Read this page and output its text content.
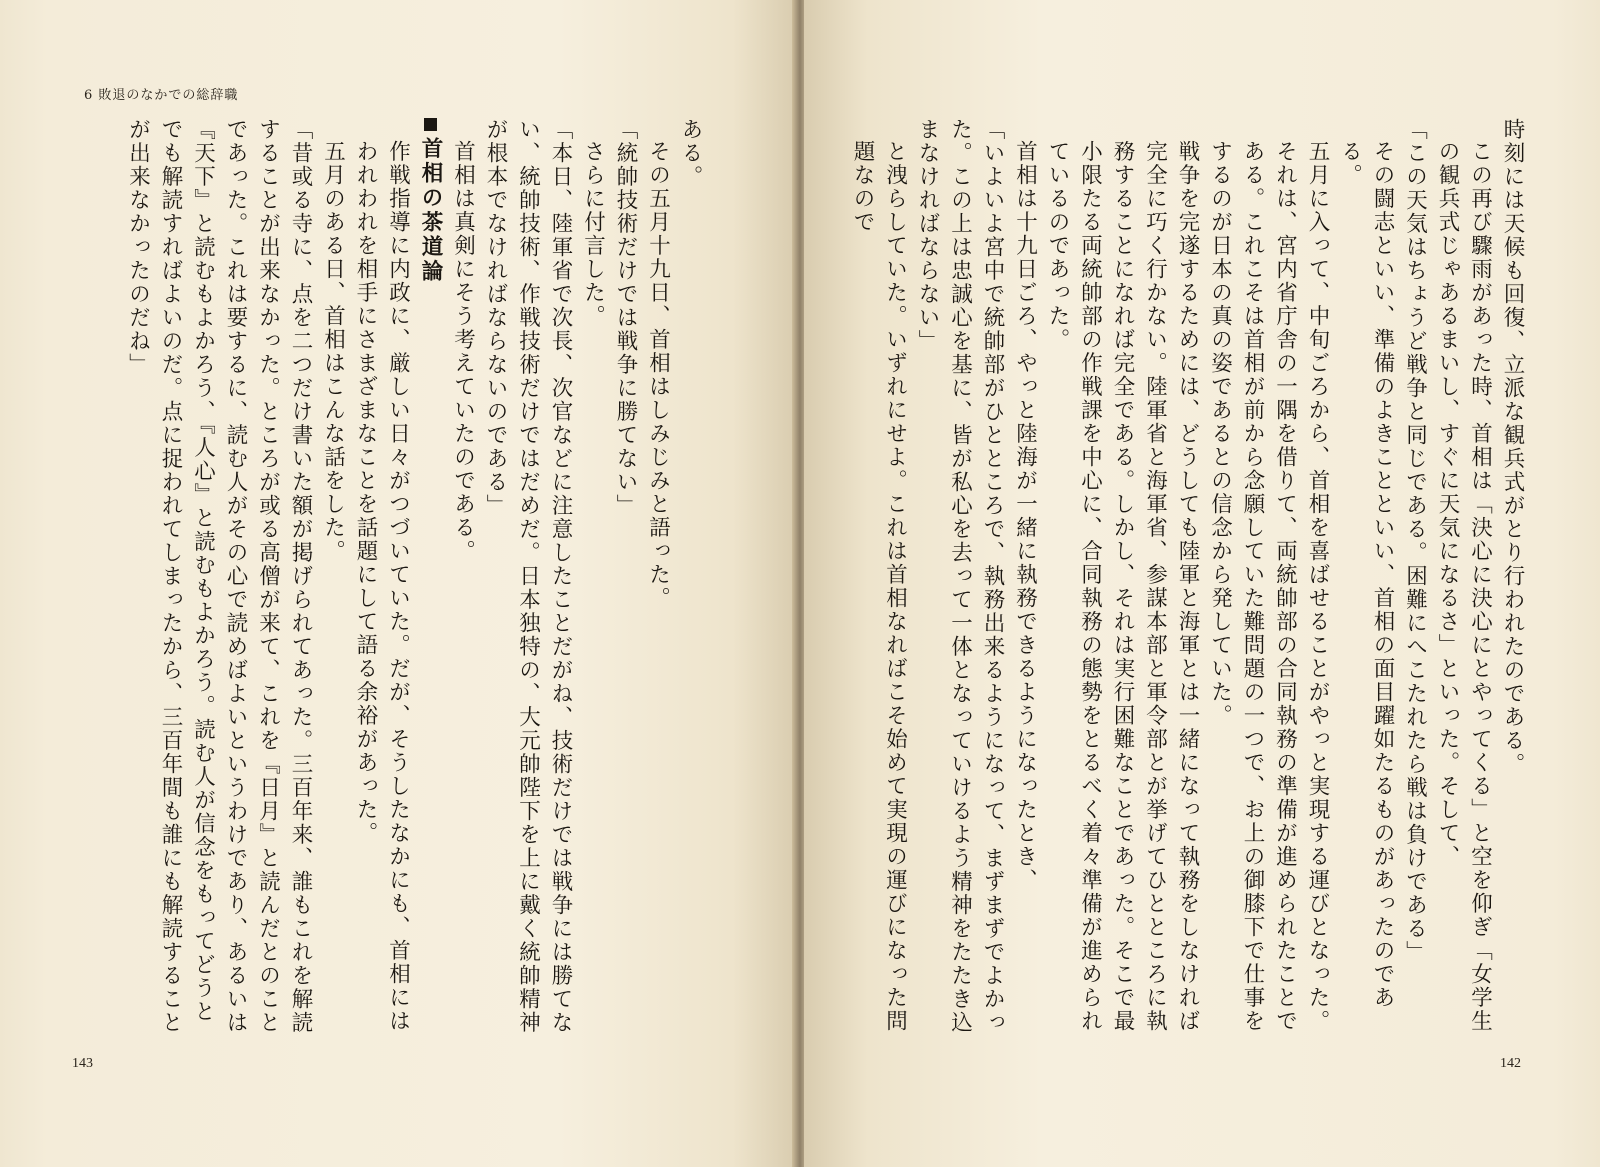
6 敗退のなかでの総辞職

ある。

その五月十九日、首相はしみじみと語った。

「統帥技術だけでは戦争に勝てない」

さらに付言した。

「本日、陸軍省で次長、次官などに注意したことだがね、技術だけでは戦争には勝てない、統帥技術、作戦技術だけではだめだ。日本独特の、大元帥陛下を上に戴く統帥精神が根本でなければならないのである」

首相は真剣にそう考えていたのである。

首相の茶道論

作戦指導に内政に、厳しい日々がつづいていた。だが、そうしたなかにも、首相にはわれわれを相手にさまざまなことを話題にして語る余裕があった。

五月のある日、首相はこんな話をした。

「昔或る寺に、点を二つだけ書いた額が掲げられてあった。三百年来、誰もこれを解読することが出来なかった。ところが或る高僧が来て、これを『日月』と読んだとのことであった。これは要するに、読む人がその心で読めばよいというわけであり、あるいは『天下』と読むもよかろう、『人心』と読むもよかろう。読む人が信念をもってどうとでも解読すればよいのだ。点に捉われてしまったから、三百年間も誰にも解読することが出来なかったのだね」

143

時刻には天候も回復、立派な観兵式がとり行われたのである。

この再び驟雨があった時、首相は「決心に決心にとやってくる」と空を仰ぎ「女学生の観兵式じゃあるまいし、すぐに天気になるさ」といった。そして、

「この天気はちょうど戦争と同じである。困難にへこたれたら戦は負けである」

その闘志といい、準備のよきことといい、首相の面目躍如たるものがあったのである。

五月に入って、中旬ごろから、首相を喜ばせることがやっと実現する運びとなった。それは、宮内省庁舎の一隅を借りて、両統帥部の合同執務の準備が進められたことである。これこそは首相が前から念願していた難問題の一つで、お上の御膝下で仕事をするのが日本の真の姿であるとの信念から発していた。

戦争を完遂するためには、どうしても陸軍と海軍とは一緒になって執務をしなければ完全に巧く行かない。陸軍省と海軍省、参謀本部と軍令部とが挙げてひとところに執務することになれば完全である。しかし、それは実行困難なことであった。そこで最小限たる両統帥部の作戦課を中心に、合同執務の態勢をとるべく着々準備が進められているのであった。

首相は十九日ごろ、やっと陸海が一緒に執務できるようになったとき、

「いよいよ宮中で統帥部がひとところで、執務出来るようになって、まずまずでよかった。この上は忠誠心を基に、皆が私心を去って一体となっていけるよう精神をたたき込まなければならない」

と洩らしていた。いずれにせよ。これは首相なればこそ始めて実現の運びになった問題なので

142
